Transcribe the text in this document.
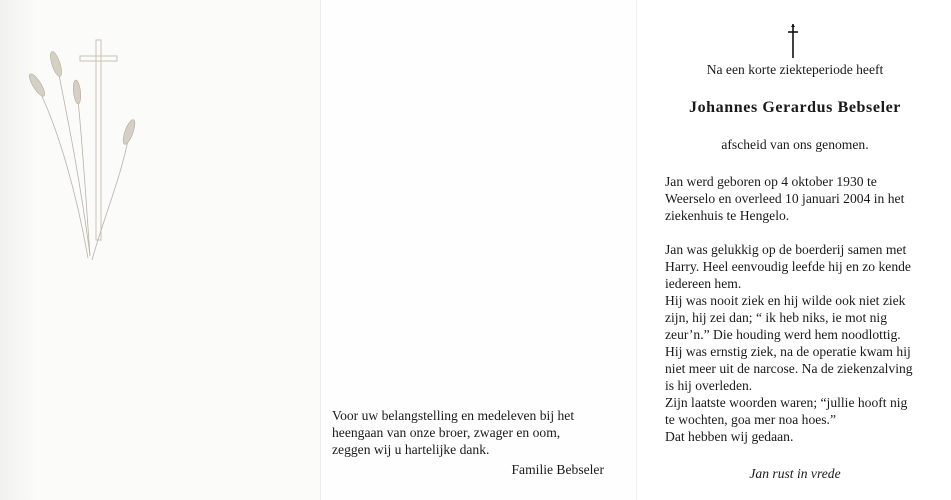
Voor uw belangstelling en medeleven bij het
heengaan van onze broer, zwager en oom,
zeggen wij u hartelijke dank.
Familie Bebseler
Na een korte ziekteperiode heeft
Johannes Gerardus Bebseler
afscheid van ons genomen.
Jan werd geboren op 4 oktober 1930 te
Weerselo en overleed 10 januari 2004 in het
ziekenhuis te Hengelo.
Jan was gelukkig op de boerderij samen met
Harry. Heel eenvoudig leefde hij en zo kende
iedereen hem.
Hij was nooit ziek en hij wilde ook niet ziek
zijn, hij zei dan; “ ik heb niks, ie mot nig
zeur’n.” Die houding werd hem noodlottig.
Hij was ernstig ziek, na de operatie kwam hij
niet meer uit de narcose. Na de ziekenzalving
is hij overleden.
Zijn laatste woorden waren; “jullie hooft nig
te wochten, goa mer noa hoes.”
Dat hebben wij gedaan.
Jan rust in vrede
